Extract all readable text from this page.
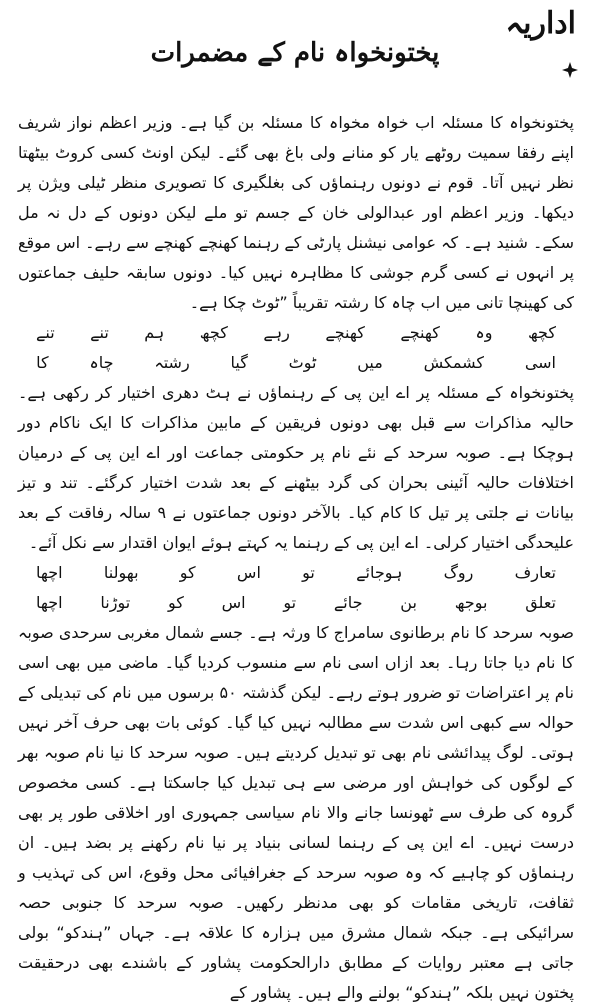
اداریہ
پختونخواہ نام کے مضمرات

پختونخواہ کا مسئلہ اب خواہ مخواہ کا مسئلہ بن گیا ہے۔ وزیر اعظم نواز شریف اپنے رفقا سمیت روٹھے یار کو منانے ولی باغ بھی گئے۔ لیکن اونٹ کسی کروٹ بیٹھتا نظر نہیں آتا۔ قوم نے دونوں رہنماؤں کی بغلگیری کا تصویری منظر ٹیلی ویژن پر دیکھا۔ وزیر اعظم اور عبدالولی خان کے جسم تو ملے لیکن دونوں کے دل نہ مل سکے۔ شنید ہے۔ کہ عوامی نیشنل پارٹی کے رہنما کھنچے کھنچے سے رہے۔ اس موقع پر انہوں نے کسی گرم جوشی کا مظاہرہ نہیں کیا۔ دونوں سابقہ حلیف جماعتوں کی کھینچا تانی میں اب چاہ کا رشتہ تقریباً ”ٹوٹ چکا ہے۔

کچھ
وہ
کھنچے
کھنچے
رہے
کچھ
ہم
تنے
تنے
اسی
کشمکش
میں
ٹوٹ
گیا
رشتہ
چاہ
کا

پختونخواہ کے مسئلہ پر اے این پی کے رہنماؤں نے ہٹ دھری اختیار کر رکھی ہے۔ حالیہ مذاکرات سے قبل بھی دونوں فریقین کے مابین مذاکرات کا ایک ناکام دور ہوچکا ہے۔ صوبہ سرحد کے نئے نام پر حکومتی جماعت اور اے این پی کے درمیان اختلافات حالیہ آئینی بحران کی گرد بیٹھنے کے بعد شدت اختیار کرگئے۔ تند و تیز بیانات نے جلتی پر تیل کا کام کیا۔ بالآخر دونوں جماعتوں نے ۹ سالہ رفاقت کے بعد علیحدگی اختیار کرلی۔ اے این پی کے رہنما یہ کہتے ہوئے ایوان اقتدار سے نکل آئے۔

تعارف
روگ
ہوجائے
تو
اس
کو
بھولنا
اچھا
تعلق
بوجھ
بن
جائے
تو
اس
کو
توڑنا
اچھا

صوبہ سرحد کا نام برطانوی سامراج کا ورثہ ہے۔ جسے شمال مغربی سرحدی صوبہ کا نام دیا جاتا رہا۔ بعد ازاں اسی نام سے منسوب کردیا گیا۔ ماضی میں بھی اسی نام پر اعتراضات تو ضرور ہوتے رہے۔ لیکن گذشتہ ۵۰ برسوں میں نام کی تبدیلی کے حوالہ سے کبھی اس شدت سے مطالبہ نہیں کیا گیا۔ کوئی بات بھی حرف آخر نہیں ہوتی۔ لوگ پیدائشی نام بھی تو تبدیل کردیتے ہیں۔ صوبہ سرحد کا نیا نام صوبہ بھر کے لوگوں کی خواہش اور مرضی سے ہی تبدیل کیا جاسکتا ہے۔ کسی مخصوص گروہ کی طرف سے ٹھونسا جانے والا نام سیاسی جمہوری اور اخلاقی طور پر بھی درست نہیں۔ اے این پی کے رہنما لسانی بنیاد پر نیا نام رکھنے پر بضد ہیں۔ ان رہنماؤں کو چاہیے کہ وہ صوبہ سرحد کے جغرافیائی محل وقوع، اس کی تہذیب و ثقافت، تاریخی مقامات کو بھی مدنظر رکھیں۔ صوبہ سرحد کا جنوبی حصہ سرائیکی ہے۔ جبکہ شمال مشرق میں ہزارہ کا علاقہ ہے۔ جہاں ”ہندکو“ بولی جاتی ہے معتبر روایات کے مطابق دارالحکومت پشاور کے باشندے بھی درحقیقت پختون نہیں بلکہ ”ہندکو“ بولنے والے ہیں۔ پشاور کے
